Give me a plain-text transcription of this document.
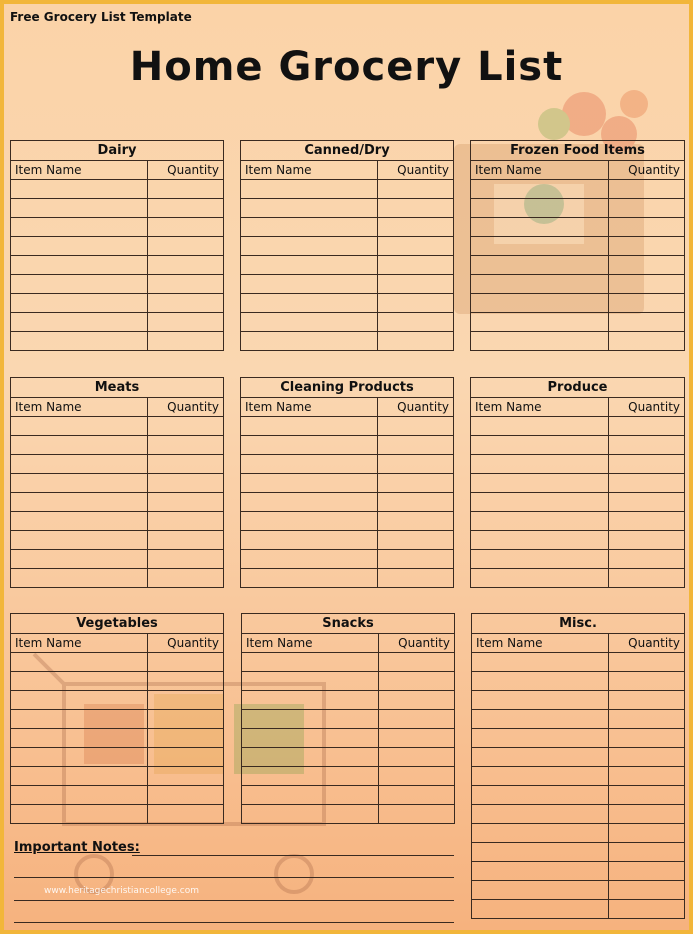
Free Grocery List Template
Home Grocery List
Dairy	
Item Name	Quantity

Canned/Dry	
Item Name	Quantity

Frozen Food Items	
Item Name	Quantity

Meats	
Item Name	Quantity

Cleaning Products	
Item Name	Quantity

Produce	
Item Name	Quantity

Vegetables	
Item Name	Quantity

Snacks	
Item Name	Quantity

Misc.	
Item Name	Quantity

Important Notes:
www.heritagechristiancollege.com
